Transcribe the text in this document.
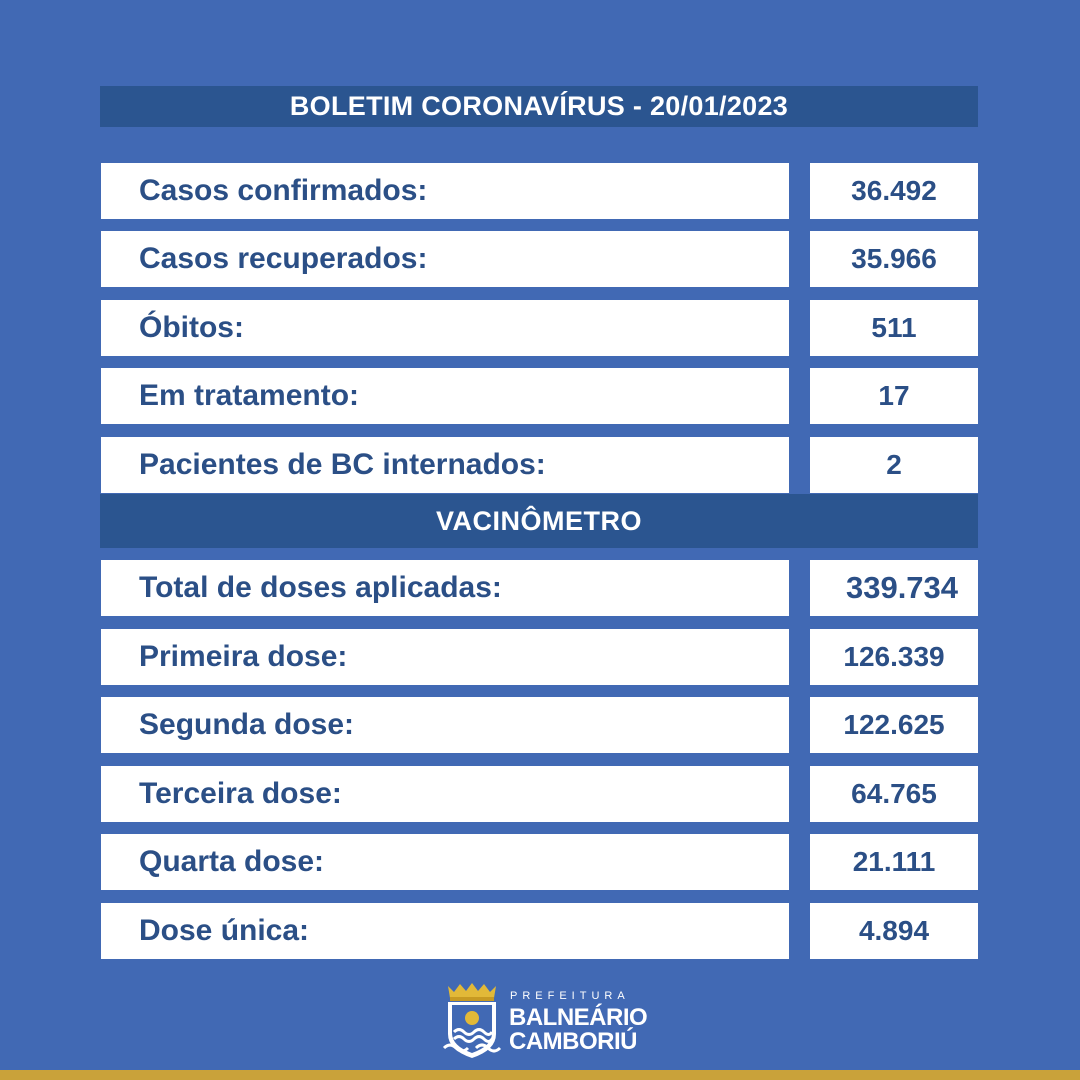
BOLETIM CORONAVÍRUS - 20/01/2023
Casos confirmados:	36.492
Casos recuperados:	35.966
Óbitos:	511
Em tratamento:	17
Pacientes de BC internados:	2
VACINÔMETRO
Total de doses aplicadas:	339.734
Primeira dose:	126.339
Segunda dose:	122.625
Terceira dose:	64.765
Quarta dose:	21.111
Dose única:	4.894
PREFEITURA
BALNEÁRIO
CAMBORIÚ
